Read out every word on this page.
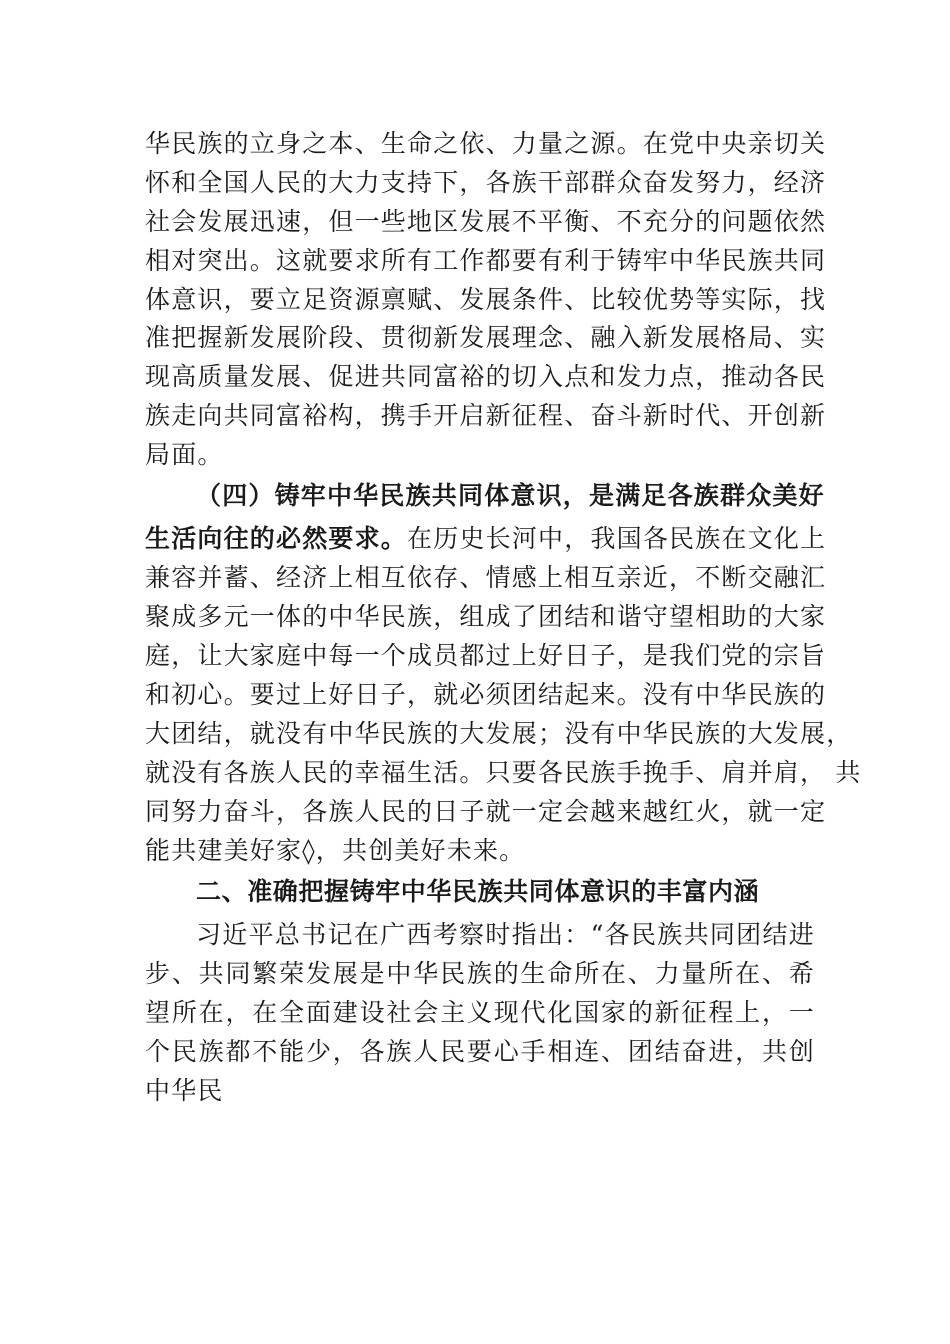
华民族的立身之本、生命之依、力量之源。在党中央亲切关
怀和全国人民的大力支持下，各族干部群众奋发努力，经济
社会发展迅速，但一些地区发展不平衡、不充分的问题依然
相对突出。这就要求所有工作都要有利于铸牢中华民族共同
体意识，要立足资源禀赋、发展条件、比较优势等实际，找
准把握新发展阶段、贯彻新发展理念、融入新发展格局、实
现高质量发展、促进共同富裕的切入点和发力点，推动各民
族走向共同富裕构，携手开启新征程、奋斗新时代、开创新
局面。
（四）铸牢中华民族共同体意识，是满足各族群众美好
生活向往的必然要求。在历史长河中，我国各民族在文化上
兼容并蓄、经济上相互依存、情感上相互亲近，不断交融汇
聚成多元一体的中华民族，组成了团结和谐守望相助的大家
庭，让大家庭中每一个成员都过上好日子，是我们党的宗旨
和初心。要过上好日子，就必须团结起来。没有中华民族的
大团结，就没有中华民族的大发展；没有中华民族的大发展，
就没有各族人民的幸福生活。只要各民族手挽手、肩并肩， 共
同努力奋斗，各族人民的日子就一定会越来越红火，就一定
能共建美好家◊，共创美好未来。
二、准确把握铸牢中华民族共同体意识的丰富内涵
习近平总书记在广西考察时指出：“各民族共同团结进
步、共同繁荣发展是中华民族的生命所在、力量所在、希
望所在，在全面建设社会主义现代化国家的新征程上，一
个民族都不能少，各族人民要心手相连、团结奋进，共创
中华民
